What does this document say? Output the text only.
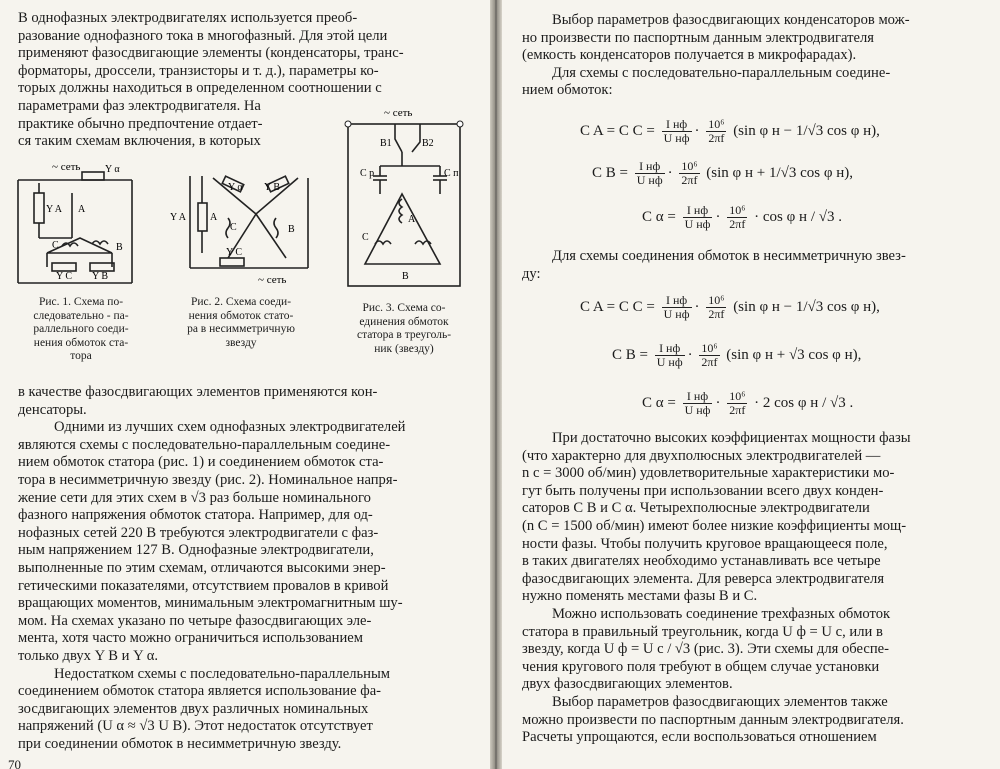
В однофазных электродвигателях используется преоб-
разование однофазного тока в многофазный. Для этой цели
применяют фазосдвигающие элементы (конденсаторы, транс-
форматоры, дроссели, транзисторы и т. д.), параметры ко-
торых должны находиться в определенном соотношении с
параметрами фаз электродвигателя. На
практике обычно предпочтение отдает-
ся таким схемам включения, в которых
~ сеть Y α
Y A A
C	B
Y C Y B
Рис. 1. Схема по-
следовательно - па-
раллельного соеди-
нения обмоток ста-
тора
Y A A
Y α Y B
C	B
Y C
~ сеть
Рис. 2. Схема соеди-
нения обмоток стато-
ра в несимметричную
звезду
~ сеть
В1	В2
С р	С п
A
C
B
Рис. 3. Схема со-
единения обмоток
статора в треуголь-
ник (звезду)
в качестве фазосдвигающих элементов применяются кон-
денсаторы.
Одними из лучших схем однофазных электродвигателей
являются схемы с последовательно-параллельным соедине-
нием обмоток статора (рис. 1) и соединением обмоток ста-
тора в несимметричную звезду (рис. 2). Номинальное напря-
жение сети для этих схем в √3 раз больше номинального
фазного напряжения обмоток статора. Например, для од-
нофазных сетей 220 В требуются электродвигатели с фаз-
ным напряжением 127 В. Однофазные электродвигатели,
выполненные по этим схемам, отличаются высокими энер-
гетическими показателями, отсутствием провалов в кривой
вращающих моментов, минимальным электромагнитным шу-
мом. На схемах указано по четыре фазосдвигающих эле-
мента, хотя часто можно ограничиться использованием
только двух Y B и Y α.
Недостатком схемы с последовательно-параллельным
соединением обмоток статора является использование фа-
зосдвигающих элементов двух различных номинальных
напряжений (U α ≈ √3 U B). Этот недостаток отсутствует
при соединении обмоток в несимметричную звезду.
70
Выбор параметров фазосдвигающих конденсаторов мож-
но произвести по паспортным данным электродвигателя
(емкость конденсаторов получается в микрофарадах).
Для схемы с последовательно-параллельным соедине-
нием обмоток:
C A = C $C = \frac{\text{I нф}}{\text{U нф}} \cdot \frac{\text{10⁶}}{2\pi f} (\sin$ φ н − 1/√3 cos φ н),
C $B = \frac{\text{I нф}}{\text{U нф}} \cdot \frac{\text{10⁶}}{2\pi f} (\sin$ φ н + 1/√3 cos φ н),
C $\alpha = \frac{\text{I нф}}{\text{U нф}} \cdot \frac{\text{10⁶}}{2\pi f} \cdot \cos \varphi$ н / √3 .
Для схемы соединения обмоток в несимметричную звез-
ду:
C A = C $C = \frac{\text{I нф}}{\text{U нф}} \cdot \frac{\text{10⁶}}{2\pi f} (\sin$ φ н − 1/√3 cos φ н),
C $B = \frac{\text{I нф}}{\text{U нф}} \cdot \frac{\text{10⁶}}{2\pi f} (\sin$ φ н + √3 cos φ н),
C $\alpha = \frac{\text{I нф}}{\text{U нф}} \cdot \frac{\text{10⁶}}{2\pi f} \cdot 2$ cos φ н / √3 .
При достаточно высоких коэффициентах мощности фазы
(что характерно для двухполюсных электродвигателей —
n с = 3000 об/мин) удовлетворительные характеристики мо-
гут быть получены при использовании всего двух конден-
саторов C B и C α. Четырехполюсные электродвигатели
(n C = 1500 об/мин) имеют более низкие коэффициенты мощ-
ности фазы. Чтобы получить круговое вращающееся поле,
в таких двигателях необходимо устанавливать все четыре
фазосдвигающих элемента. Для реверса электродвигателя
нужно поменять местами фазы B и C.
Можно использовать соединение трехфазных обмоток
статора в правильный треугольник, когда U ф = U с, или в
звезду, когда U ф = U с / √3 (рис. 3). Эти схемы для обеспе-
чения кругового поля требуют в общем случае установки
двух фазосдвигающих элементов.
Выбор параметров фазосдвигающих элементов также
можно произвести по паспортным данным электродвигателя.
Расчеты упрощаются, если воспользоваться отношением
